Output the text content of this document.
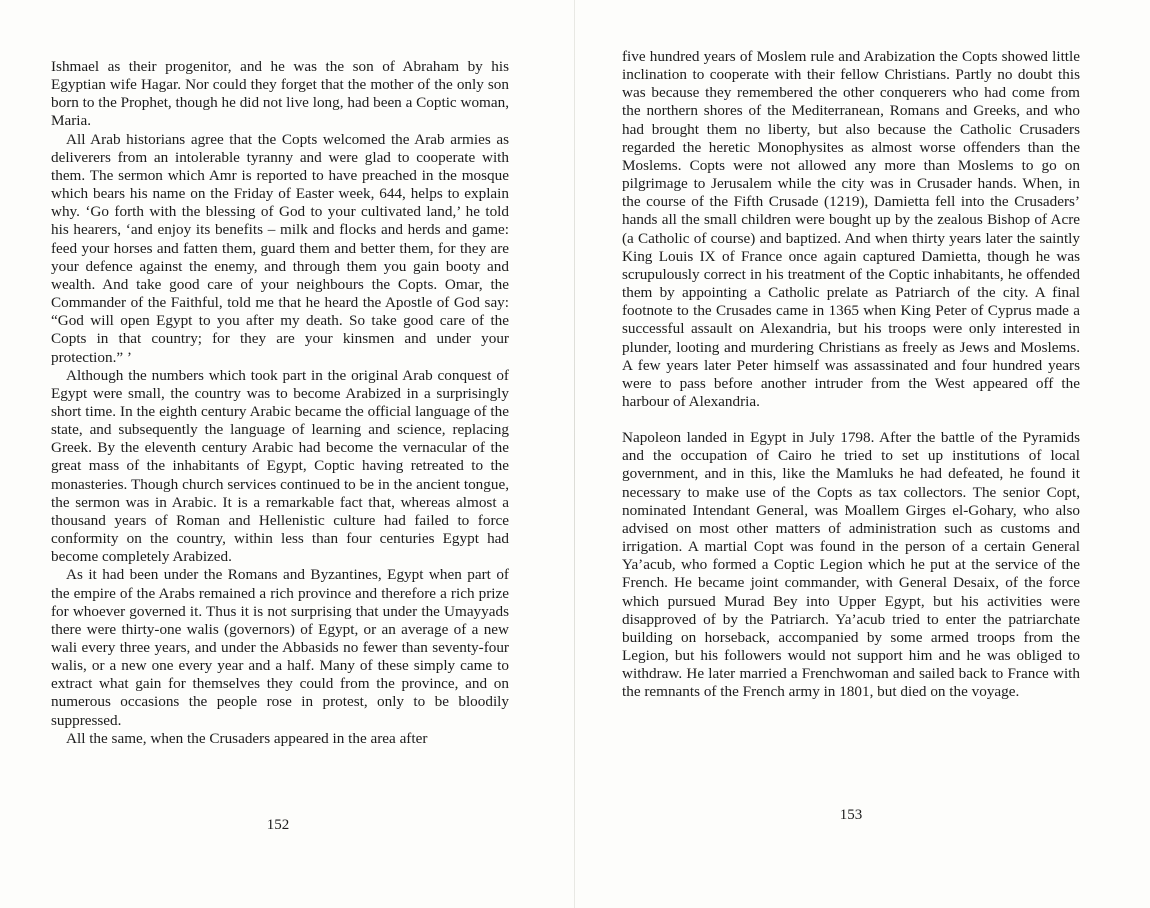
Ishmael as their progenitor, and he was the son of Abraham by his Egyptian wife Hagar. Nor could they forget that the mother of the only son born to the Prophet, though he did not live long, had been a Coptic woman, Maria.

All Arab historians agree that the Copts welcomed the Arab armies as deliverers from an intolerable tyranny and were glad to cooperate with them. The sermon which Amr is reported to have preached in the mosque which bears his name on the Friday of Easter week, 644, helps to explain why. ‘Go forth with the blessing of God to your cultivated land,’ he told his hearers, ‘and enjoy its benefits – milk and flocks and herds and game: feed your horses and fatten them, guard them and better them, for they are your defence against the enemy, and through them you gain booty and wealth. And take good care of your neighbours the Copts. Omar, the Commander of the Faithful, told me that he heard the Apostle of God say: “God will open Egypt to you after my death. So take good care of the Copts in that country; for they are your kinsmen and under your protection.” ’

Although the numbers which took part in the original Arab conquest of Egypt were small, the country was to become Arabized in a surprisingly short time. In the eighth century Arabic became the official language of the state, and subsequently the language of learning and science, replacing Greek. By the eleventh century Arabic had become the vernacular of the great mass of the inhabitants of Egypt, Coptic having retreated to the monasteries. Though church services continued to be in the ancient tongue, the sermon was in Arabic. It is a remarkable fact that, whereas almost a thousand years of Roman and Hellenistic culture had failed to force conformity on the country, within less than four centuries Egypt had become completely Arabized.

As it had been under the Romans and Byzantines, Egypt when part of the empire of the Arabs remained a rich province and therefore a rich prize for whoever governed it. Thus it is not surprising that under the Umayyads there were thirty-one walis (governors) of Egypt, or an average of a new wali every three years, and under the Abbasids no fewer than seventy-four walis, or a new one every year and a half. Many of these simply came to extract what gain for themselves they could from the province, and on numerous occasions the people rose in protest, only to be bloodily suppressed.

All the same, when the Crusaders appeared in the area after

152

five hundred years of Moslem rule and Arabization the Copts showed little inclination to cooperate with their fellow Christians. Partly no doubt this was because they remembered the other conquerers who had come from the northern shores of the Mediterranean, Romans and Greeks, and who had brought them no liberty, but also because the Catholic Crusaders regarded the heretic Monophysites as almost worse offenders than the Moslems. Copts were not allowed any more than Moslems to go on pilgrimage to Jerusalem while the city was in Crusader hands. When, in the course of the Fifth Crusade (1219), Damietta fell into the Crusaders’ hands all the small children were bought up by the zealous Bishop of Acre (a Catholic of course) and baptized. And when thirty years later the saintly King Louis IX of France once again captured Damietta, though he was scrupulously correct in his treatment of the Coptic inhabitants, he offended them by appointing a Catholic prelate as Patriarch of the city. A final footnote to the Crusades came in 1365 when King Peter of Cyprus made a successful assault on Alexandria, but his troops were only interested in plunder, looting and murdering Christians as freely as Jews and Moslems. A few years later Peter himself was assassinated and four hundred years were to pass before another intruder from the West appeared off the harbour of Alexandria.

Napoleon landed in Egypt in July 1798. After the battle of the Pyramids and the occupation of Cairo he tried to set up institutions of local government, and in this, like the Mamluks he had defeated, he found it necessary to make use of the Copts as tax collectors. The senior Copt, nominated Intendant General, was Moallem Girges el-Gohary, who also advised on most other matters of administration such as customs and irrigation. A martial Copt was found in the person of a certain General Ya’acub, who formed a Coptic Legion which he put at the service of the French. He became joint commander, with General Desaix, of the force which pursued Murad Bey into Upper Egypt, but his activities were disapproved of by the Patriarch. Ya’acub tried to enter the patriarchate building on horseback, accompanied by some armed troops from the Legion, but his followers would not support him and he was obliged to withdraw. He later married a Frenchwoman and sailed back to France with the remnants of the French army in 1801, but died on the voyage.

153
